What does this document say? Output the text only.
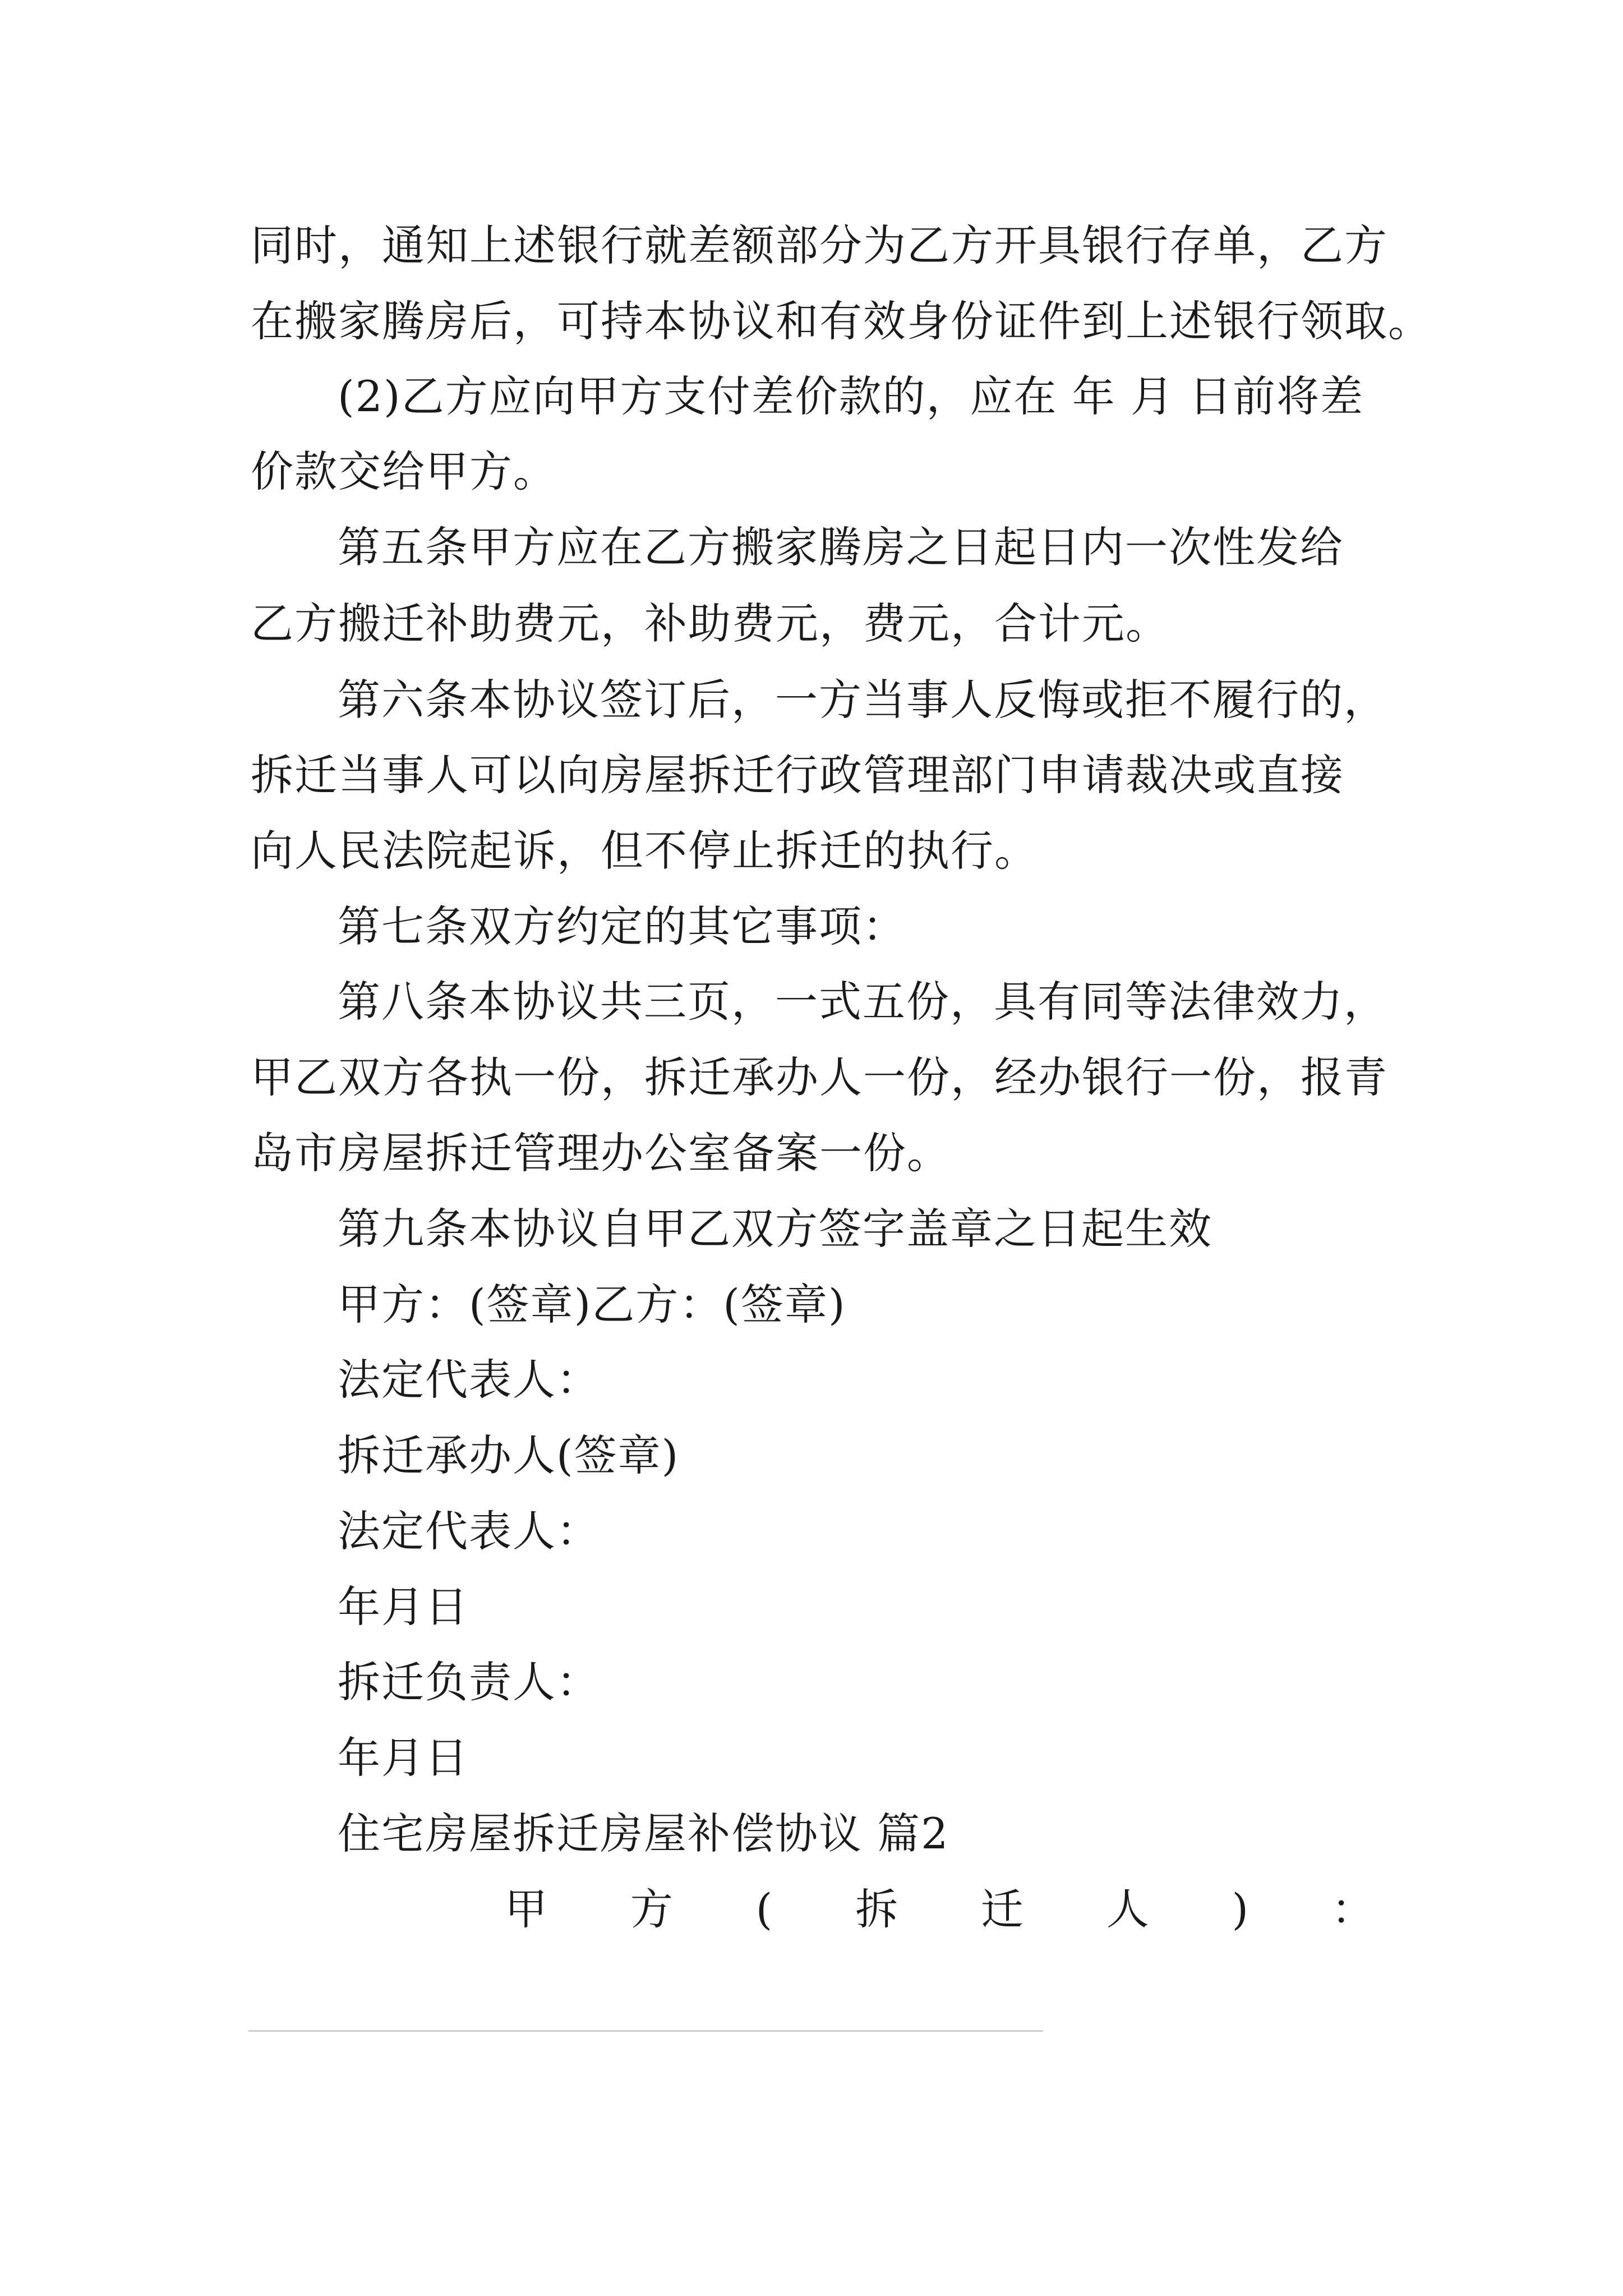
同时，通知上述银行就差额部分为乙方开具银行存单，乙方
在搬家腾房后，可持本协议和有效身份证件到上述银行领取。
(2)乙方应向甲方支付差价款的，应在 年 月 日前将差
价款交给甲方。
第五条甲方应在乙方搬家腾房之日起日内一次性发给
乙方搬迁补助费元，补助费元，费元，合计元。
第六条本协议签订后，一方当事人反悔或拒不履行的，
拆迁当事人可以向房屋拆迁行政管理部门申请裁决或直接
向人民法院起诉，但不停止拆迁的执行。
第七条双方约定的其它事项：
第八条本协议共三页，一式五份，具有同等法律效力，
甲乙双方各执一份，拆迁承办人一份，经办银行一份，报青
岛市房屋拆迁管理办公室备案一份。
第九条本协议自甲乙双方签字盖章之日起生效
甲方：(签章)乙方：(签章)
法定代表人：
拆迁承办人(签章)
法定代表人：
年月日
拆迁负责人：
年月日
住宅房屋拆迁房屋补偿协议 篇2
甲 方 ( 拆 迁 人 ) ：
